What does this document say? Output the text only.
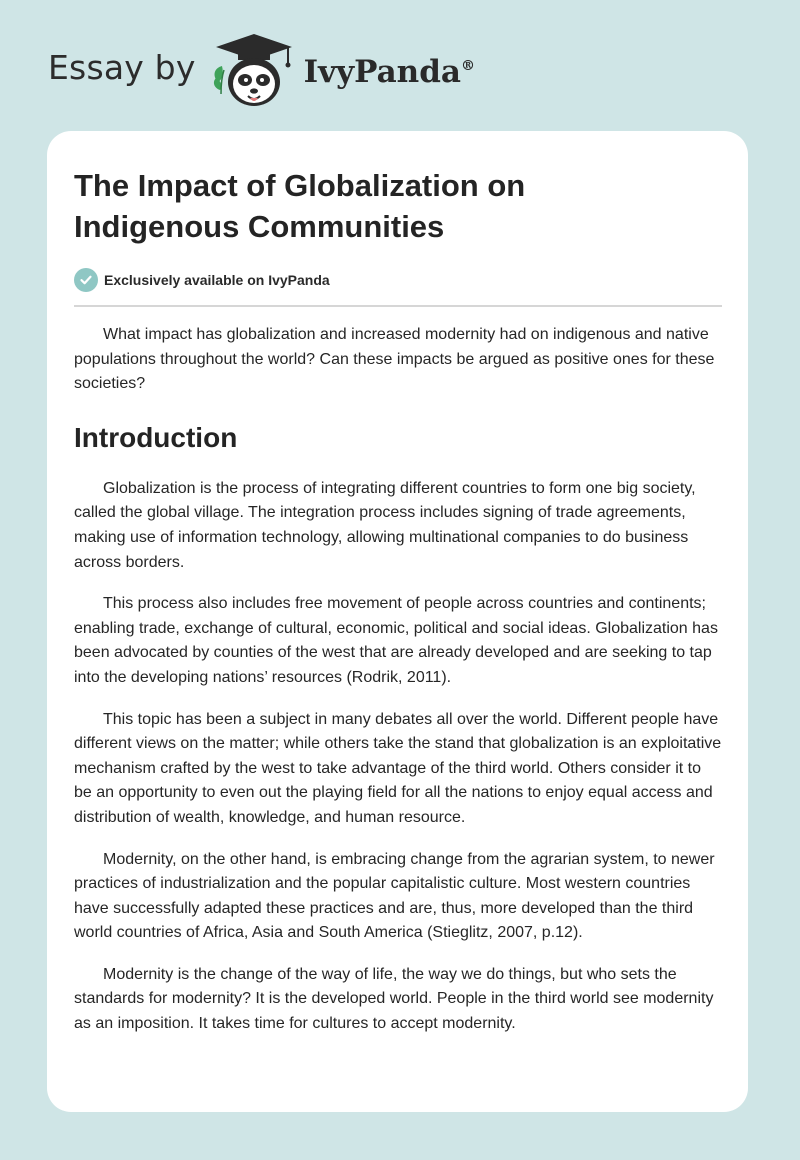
Essay by	IvyPanda®
The Impact of Globalization on Indigenous Communities
Exclusively available on IvyPanda

What impact has globalization and increased modernity had on indigenous and native populations throughout the world? Can these impacts be argued as positive ones for these societies?

Introduction

Globalization is the process of integrating different countries to form one big society, called the global village. The integration process includes signing of trade agreements, making use of information technology, allowing multinational companies to do business across borders.

This process also includes free movement of people across countries and continents; enabling trade, exchange of cultural, economic, political and social ideas. Globalization has been advocated by counties of the west that are already developed and are seeking to tap into the developing nations’ resources (Rodrik, 2011).

This topic has been a subject in many debates all over the world. Different people have different views on the matter; while others take the stand that globalization is an exploitative mechanism crafted by the west to take advantage of the third world. Others consider it to be an opportunity to even out the playing field for all the nations to enjoy equal access and distribution of wealth, knowledge, and human resource.

Modernity, on the other hand, is embracing change from the agrarian system, to newer practices of industrialization and the popular capitalistic culture. Most western countries have successfully adapted these practices and are, thus, more developed than the third world countries of Africa, Asia and South America (Stieglitz, 2007, p.12).

Modernity is the change of the way of life, the way we do things, but who sets the standards for modernity? It is the developed world. People in the third world see modernity as an imposition. It takes time for cultures to accept modernity.
